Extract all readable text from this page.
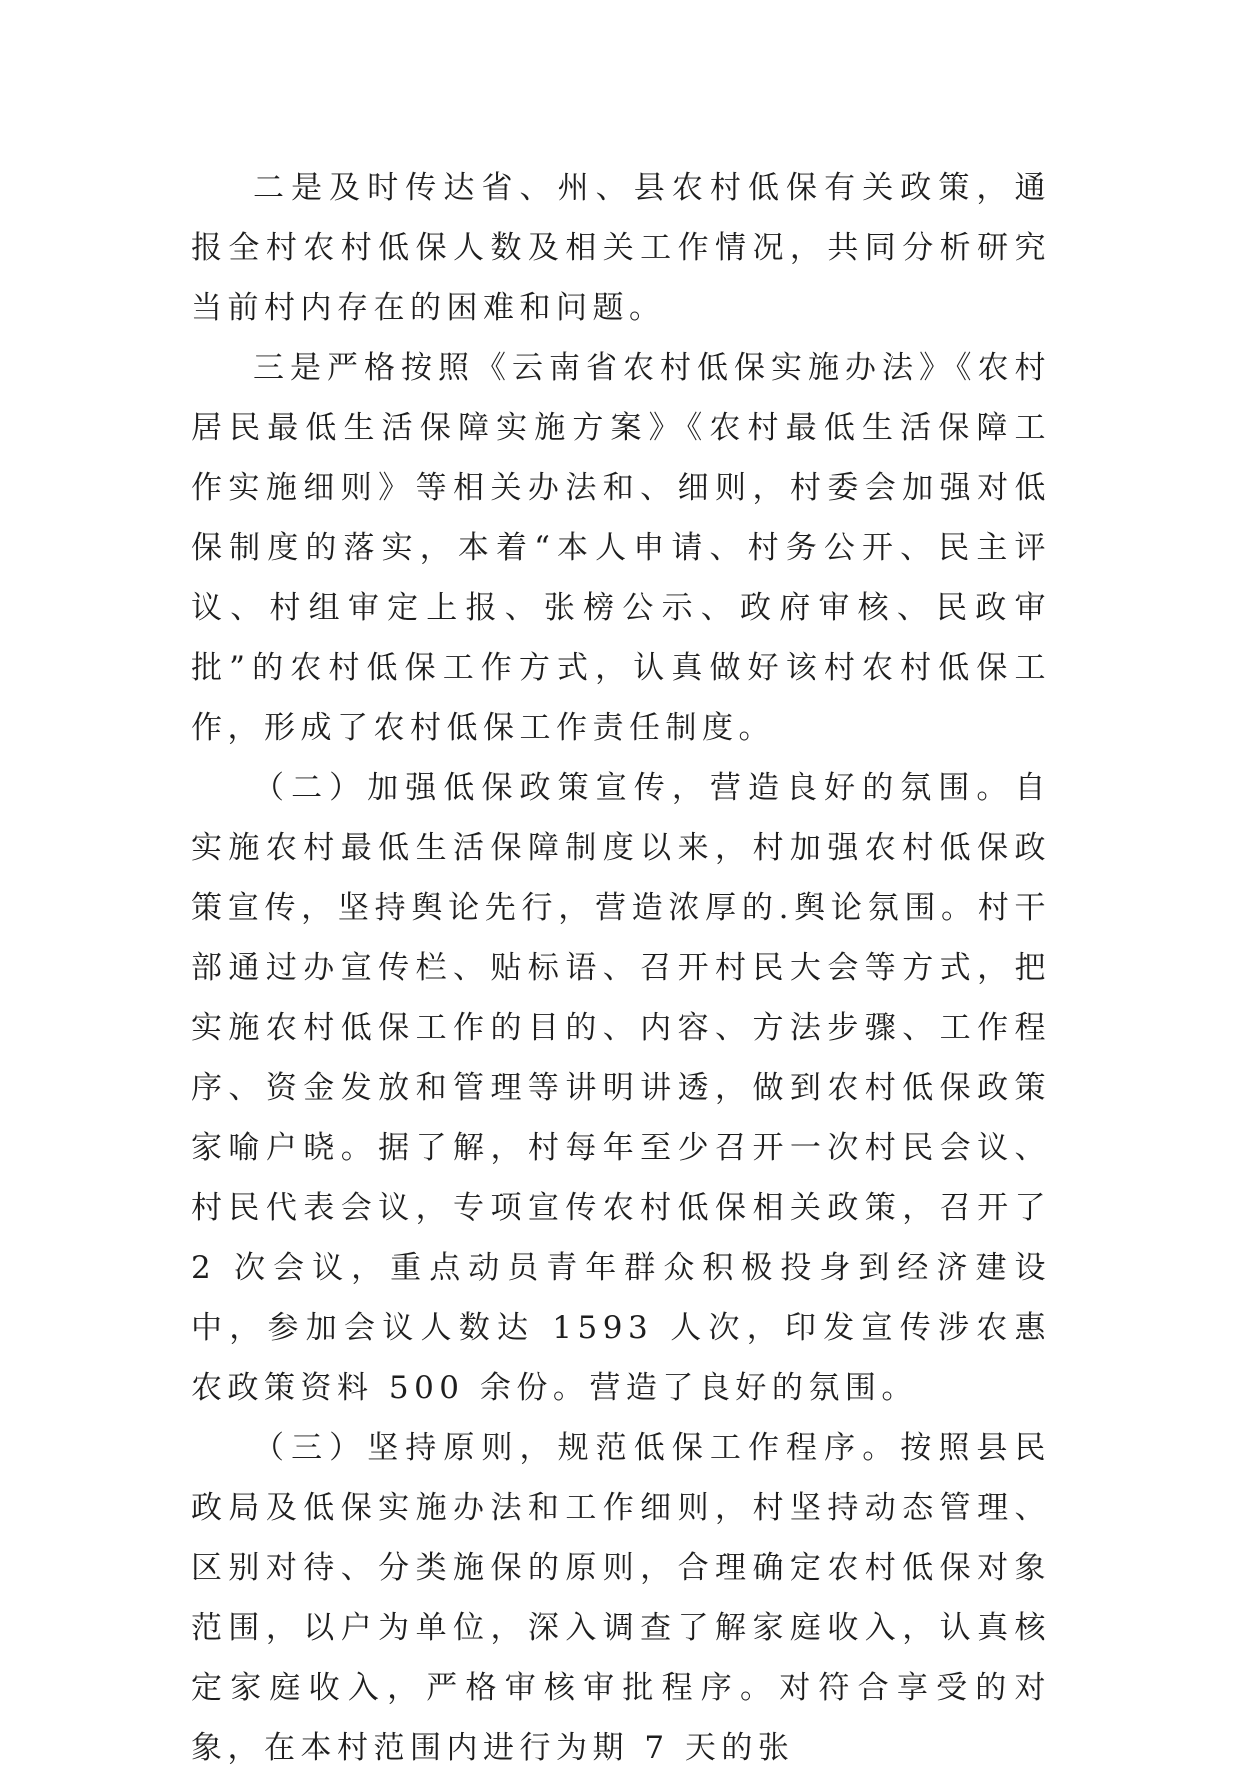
二是及时传达省、州、县农村低保有关政策，通报全村农村低保人数及相关工作情况，共同分析研究当前村内存在的困难和问题。

三是严格按照《云南省农村低保实施办法》《农村居民最低生活保障实施方案》《农村最低生活保障工作实施细则》等相关办法和、细则，村委会加强对低保制度的落实，本着“本人申请、村务公开、民主评议、村组审定上报、张榜公示、政府审核、民政审批”的农村低保工作方式，认真做好该村农村低保工作，形成了农村低保工作责任制度。

（二）加强低保政策宣传，营造良好的氛围。自实施农村最低生活保障制度以来，村加强农村低保政策宣传，坚持舆论先行，营造浓厚的.舆论氛围。村干部通过办宣传栏、贴标语、召开村民大会等方式，把实施农村低保工作的目的、内容、方法步骤、工作程序、资金发放和管理等讲明讲透，做到农村低保政策家喻户晓。据了解，村每年至少召开一次村民会议、村民代表会议，专项宣传农村低保相关政策，召开了 2 次会议，重点动员青年群众积极投身到经济建设中，参加会议人数达 1593 人次，印发宣传涉农惠农政策资料 500 余份。营造了良好的氛围。

（三）坚持原则，规范低保工作程序。按照县民政局及低保实施办法和工作细则，村坚持动态管理、区别对待、分类施保的原则，合理确定农村低保对象范围，以户为单位，深入调查了解家庭收入，认真核定家庭收入，严格审核审批程序。对符合享受的对象，在本村范围内进行为期 7 天的张
